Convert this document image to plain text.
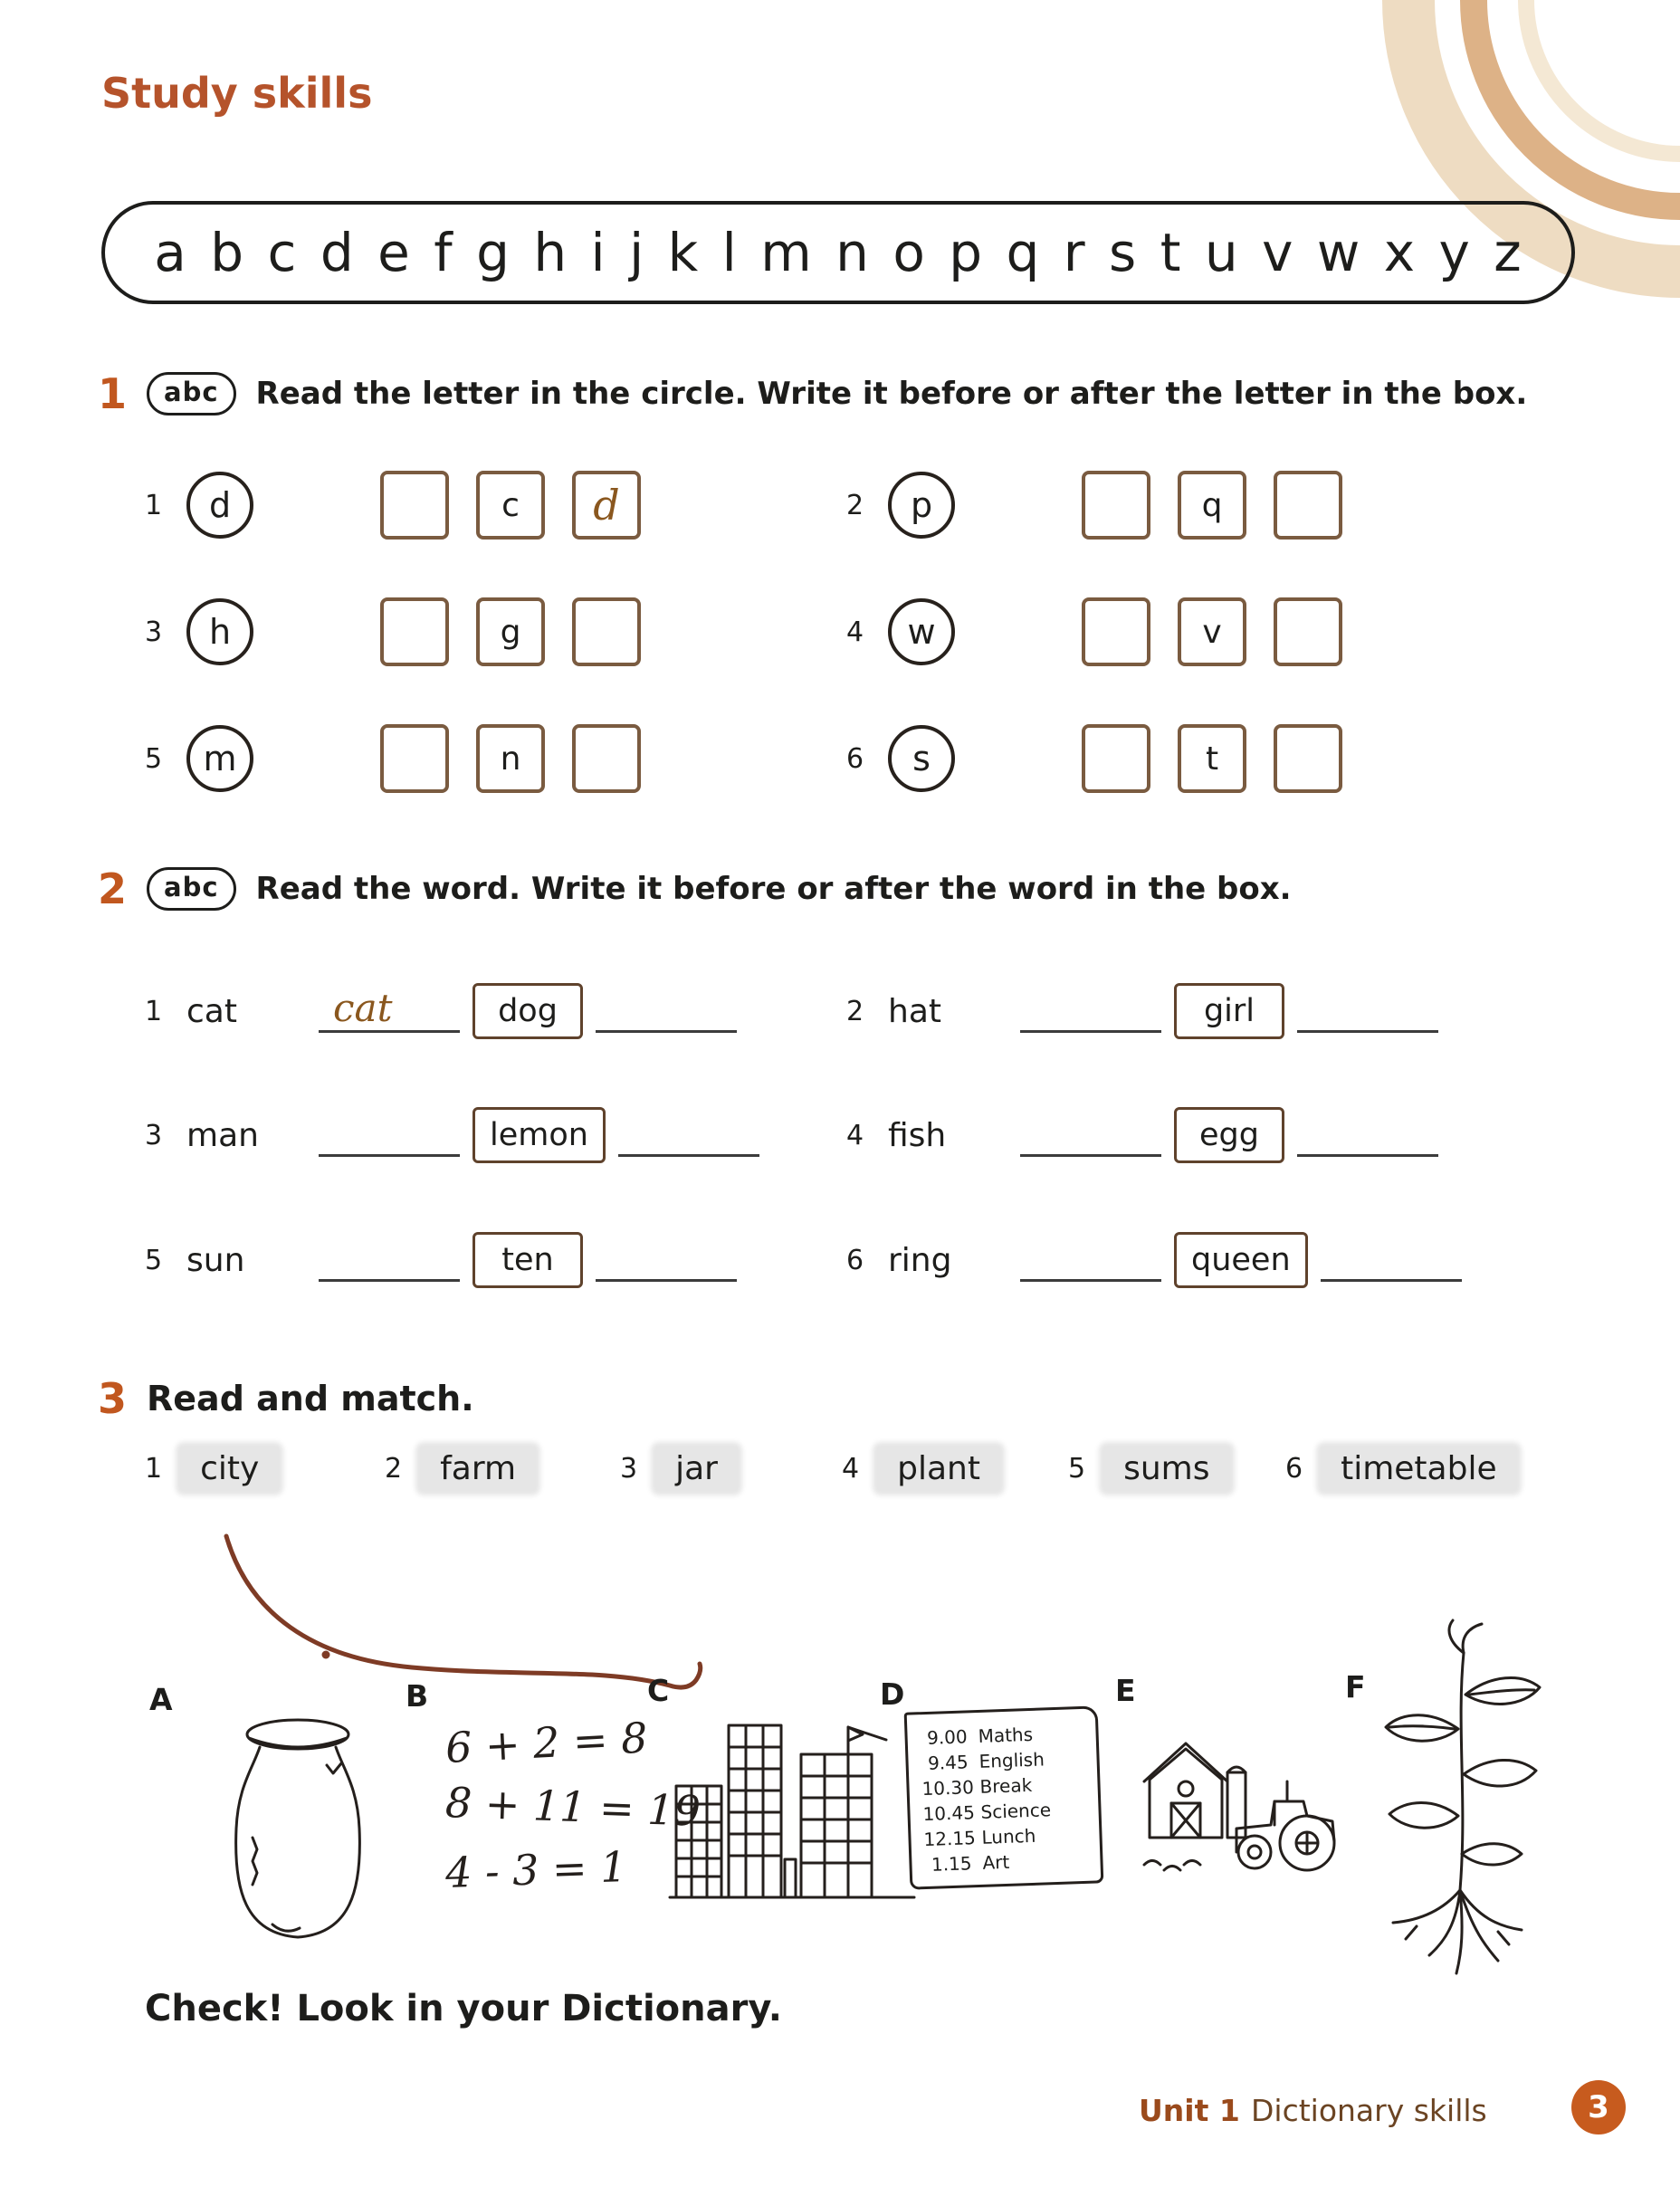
Study skills
a b c d e f g h i j k l m n o p q r s t u v w x y z
1	abc	Read the letter in the circle. Write it before or after the letter in the box.
1	d	c	d	2	p	q
3	h	g	4	w	v
5	m	n	6	s	t
2	abc	Read the word. Write it before or after the word in the box.
1 cat	cat	dog	2 hat	girl
3 man	lemon	4 fish	egg
5 sun	ten	6 ring	queen
3 Read and match.
1	city	2	farm	3	jar	4	plant	5	sums	6	timetable
A	B	C	D	E	F
6 + 2 = 8
8 + 11 = 19
4 - 3 = 1
9.00 Maths
9.45 English
10.30 Break
10.45 Science
12.15 Lunch
1.15 Art
Check! Look in your Dictionary.
Unit 1 Dictionary skills	3
